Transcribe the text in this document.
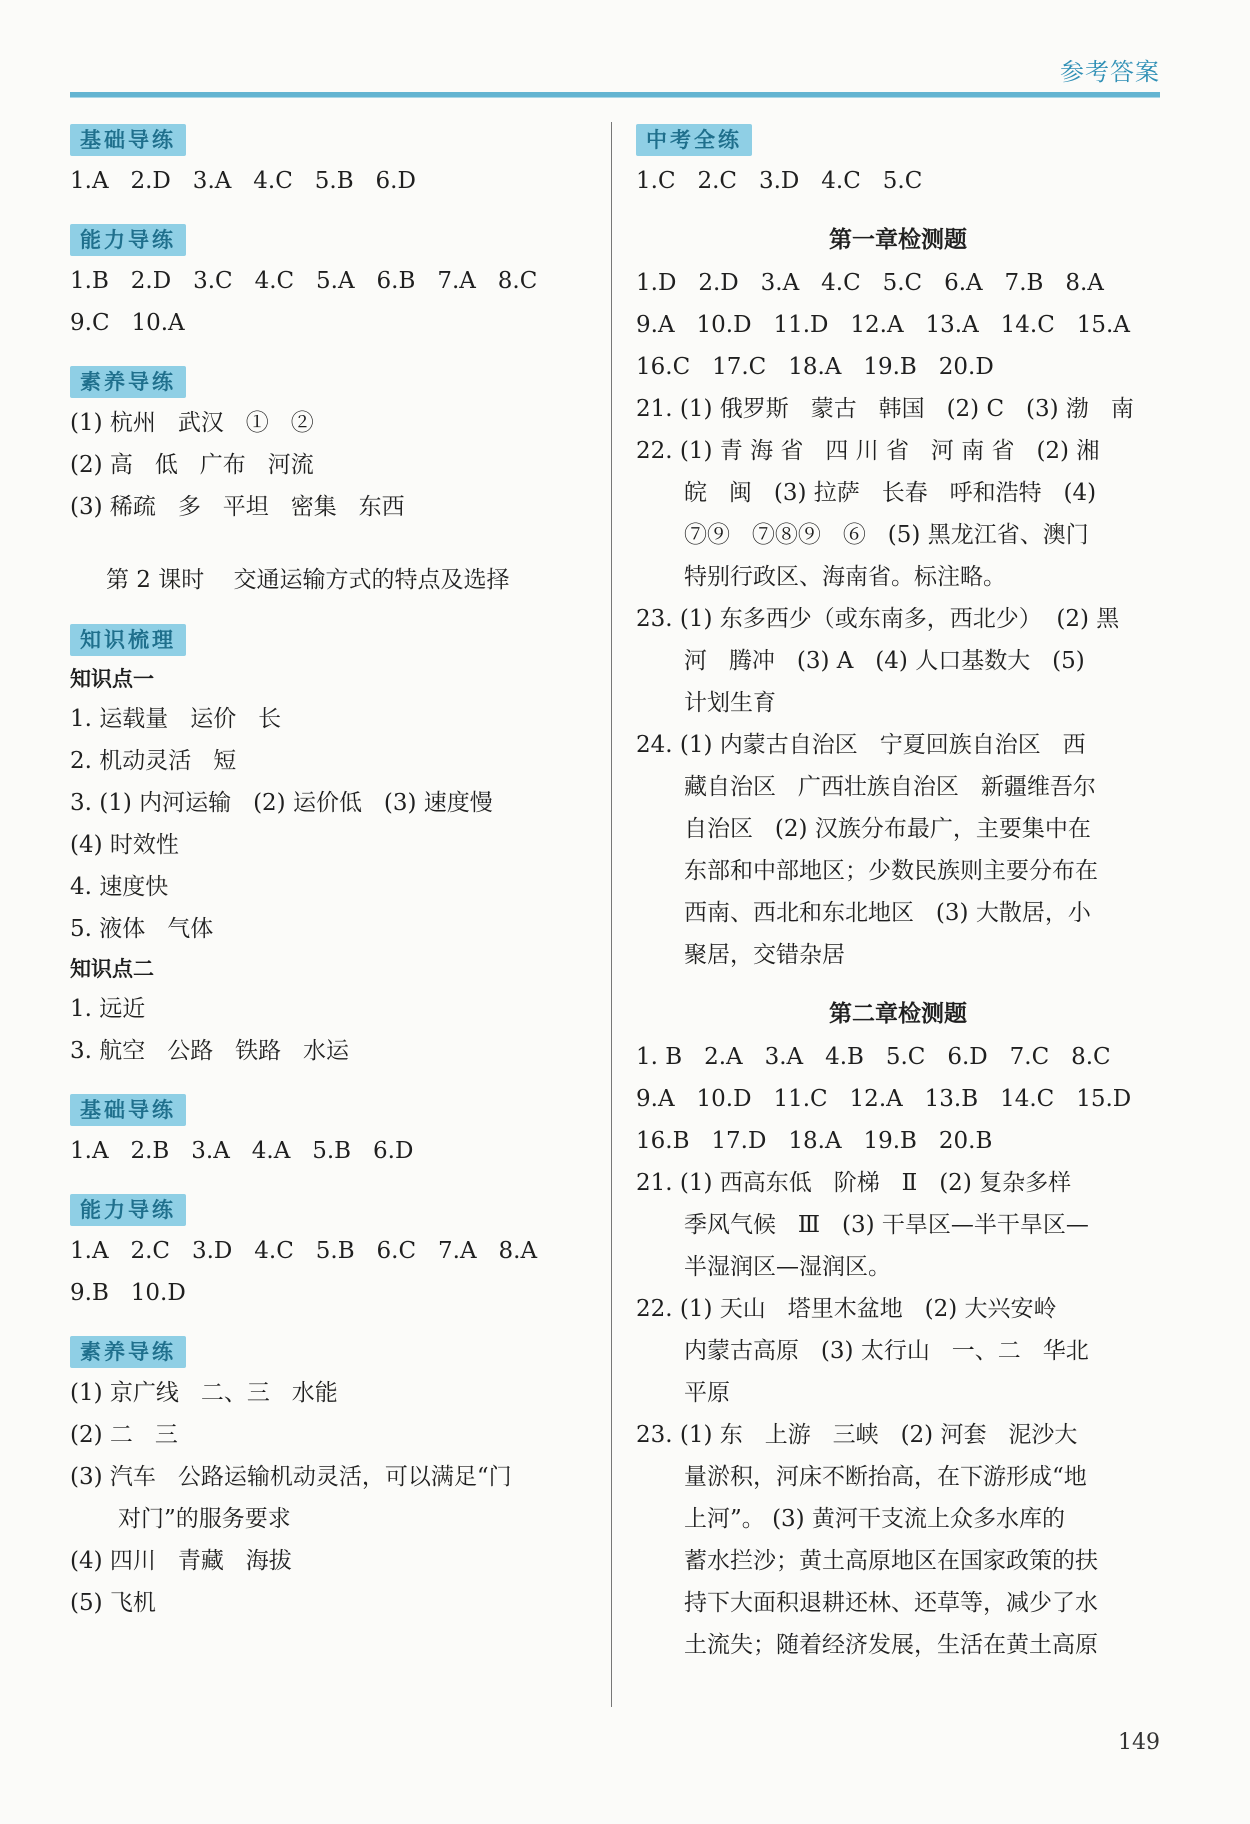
参考答案
基础导练
1.A   2.D   3.A   4.C   5.B   6.D
能力导练
1.B   2.D   3.C   4.C   5.A   6.B   7.A   8.C
9.C   10.A
素养导练
(1) 杭州   武汉   ①   ②
(2) 高   低   广布   河流
(3) 稀疏   多   平坦   密集   东西
第 2 课时    交通运输方式的特点及选择
知识梳理
知识点一
1. 运载量   运价   长
2. 机动灵活   短
3. (1) 内河运输   (2) 运价低   (3) 速度慢
(4) 时效性
4. 速度快
5. 液体   气体
知识点二
1. 远近
3. 航空   公路   铁路   水运
基础导练
1.A   2.B   3.A   4.A   5.B   6.D
能力导练
1.A   2.C   3.D   4.C   5.B   6.C   7.A   8.A
9.B   10.D
素养导练
(1) 京广线   二、三   水能
(2) 二   三
(3) 汽车   公路运输机动灵活，可以满足“门
对门”的服务要求
(4) 四川   青藏   海拔
(5) 飞机
中考全练
1.C   2.C   3.D   4.C   5.C
第一章检测题
1.D   2.D   3.A   4.C   5.C   6.A   7.B   8.A
9.A   10.D   11.D   12.A   13.A   14.C   15.A
16.C   17.C   18.A   19.B   20.D
21. (1) 俄罗斯   蒙古   韩国   (2) C   (3) 渤   南
22. (1) 青 海 省   四 川 省   河 南 省   (2) 湘
皖   闽   (3) 拉萨   长春   呼和浩特   (4)
⑦⑨   ⑦⑧⑨   ⑥   (5) 黑龙江省、澳门
特别行政区、海南省。标注略。
23. (1) 东多西少（或东南多，西北少）  (2) 黑
河   腾冲   (3) A   (4) 人口基数大   (5)
计划生育
24. (1) 内蒙古自治区   宁夏回族自治区   西
藏自治区   广西壮族自治区   新疆维吾尔
自治区   (2) 汉族分布最广，主要集中在
东部和中部地区；少数民族则主要分布在
西南、西北和东北地区   (3) 大散居，小
聚居，交错杂居
第二章检测题
1. B   2.A   3.A   4.B   5.C   6.D   7.C   8.C
9.A   10.D   11.C   12.A   13.B   14.C   15.D
16.B   17.D   18.A   19.B   20.B
21. (1) 西高东低   阶梯   Ⅱ   (2) 复杂多样
季风气候   Ⅲ   (3) 干旱区—半干旱区—
半湿润区—湿润区。
22. (1) 天山   塔里木盆地   (2) 大兴安岭
内蒙古高原   (3) 太行山   一、二   华北
平原
23. (1) 东   上游   三峡   (2) 河套   泥沙大
量淤积，河床不断抬高，在下游形成“地
上河”。 (3) 黄河干支流上众多水库的
蓄水拦沙；黄土高原地区在国家政策的扶
持下大面积退耕还林、还草等，减少了水
土流失；随着经济发展，生活在黄土高原
149
